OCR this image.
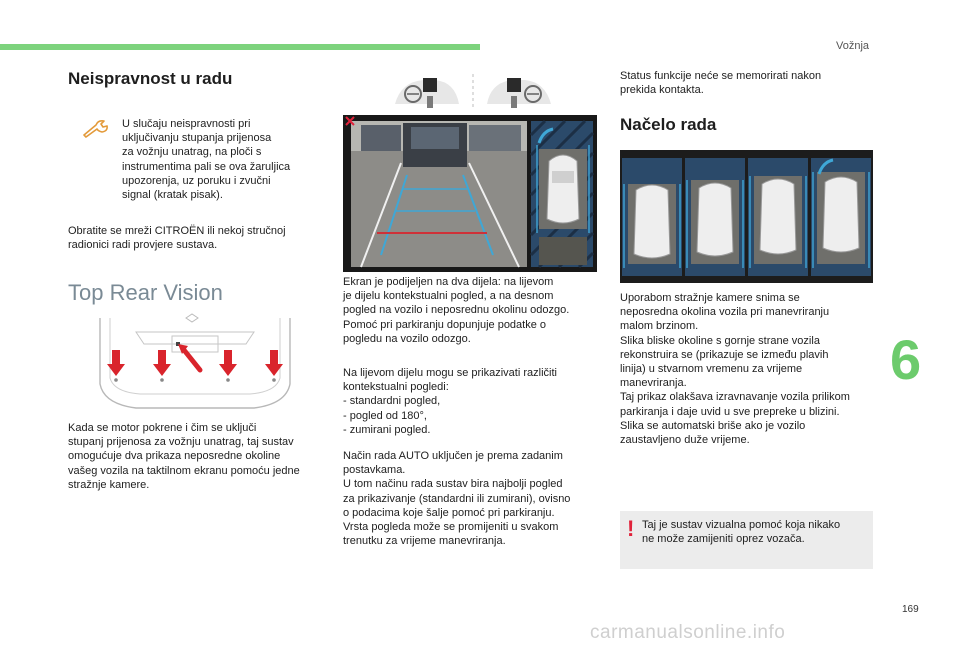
Vožnja
6
Neispravnost u radu

U slučaju neispravnosti pri
uključivanju stupanja prijenosa
za vožnju unatrag, na ploči s
instrumentima pali se ova žaruljica
upozorenja, uz poruku i zvučni
signal (kratak pisak).

Obratite se mreži CITROËN ili nekoj stručnoj
radionici radi provjere sustava.

Top Rear Vision

Kada se motor pokrene i čim se uključi
stupanj prijenosa za vožnju unatrag, taj sustav
omogućuje dva prikaza neposredne okoline
vašeg vozila na taktilnom ekranu pomoću jedne
stražnje kamere.

Ekran je podijeljen na dva dijela: na lijevom
je dijelu kontekstualni pogled, a na desnom
pogled na vozilo i neposrednu okolinu odozgo.
Pomoć pri parkiranju dopunjuje podatke o
pogledu na vozilo odozgo.

Na lijevom dijelu mogu se prikazivati različiti
kontekstualni pogledi:
- standardni pogled,
- pogled od 180°,
- zumirani pogled.

Način rada AUTO uključen je prema zadanim
postavkama.
U tom načinu rada sustav bira najbolji pogled
za prikazivanje (standardni ili zumirani), ovisno
o podacima koje šalje pomoć pri parkiranju.
Vrsta pogleda može se promijeniti u svakom
trenutku za vrijeme manevriranja.

Status funkcije neće se memorirati nakon
prekida kontakta.

Načelo rada

Uporabom stražnje kamere snima se
neposredna okolina vozila pri manevriranju
malom brzinom.
Slika bliske okoline s gornje strane vozila
rekonstruira se (prikazuje se između plavih
linija) u stvarnom vremenu za vrijeme
manevriranja.
Taj prikaz olakšava izravnavanje vozila prilikom
parkiranja i daje uvid u sve prepreke u blizini.
Slika se automatski briše ako je vozilo
zaustavljeno duže vrijeme.

! Taj je sustav vizualna pomoć koja nikako
ne može zamijeniti oprez vozača.

169
carmanualsonline.info
